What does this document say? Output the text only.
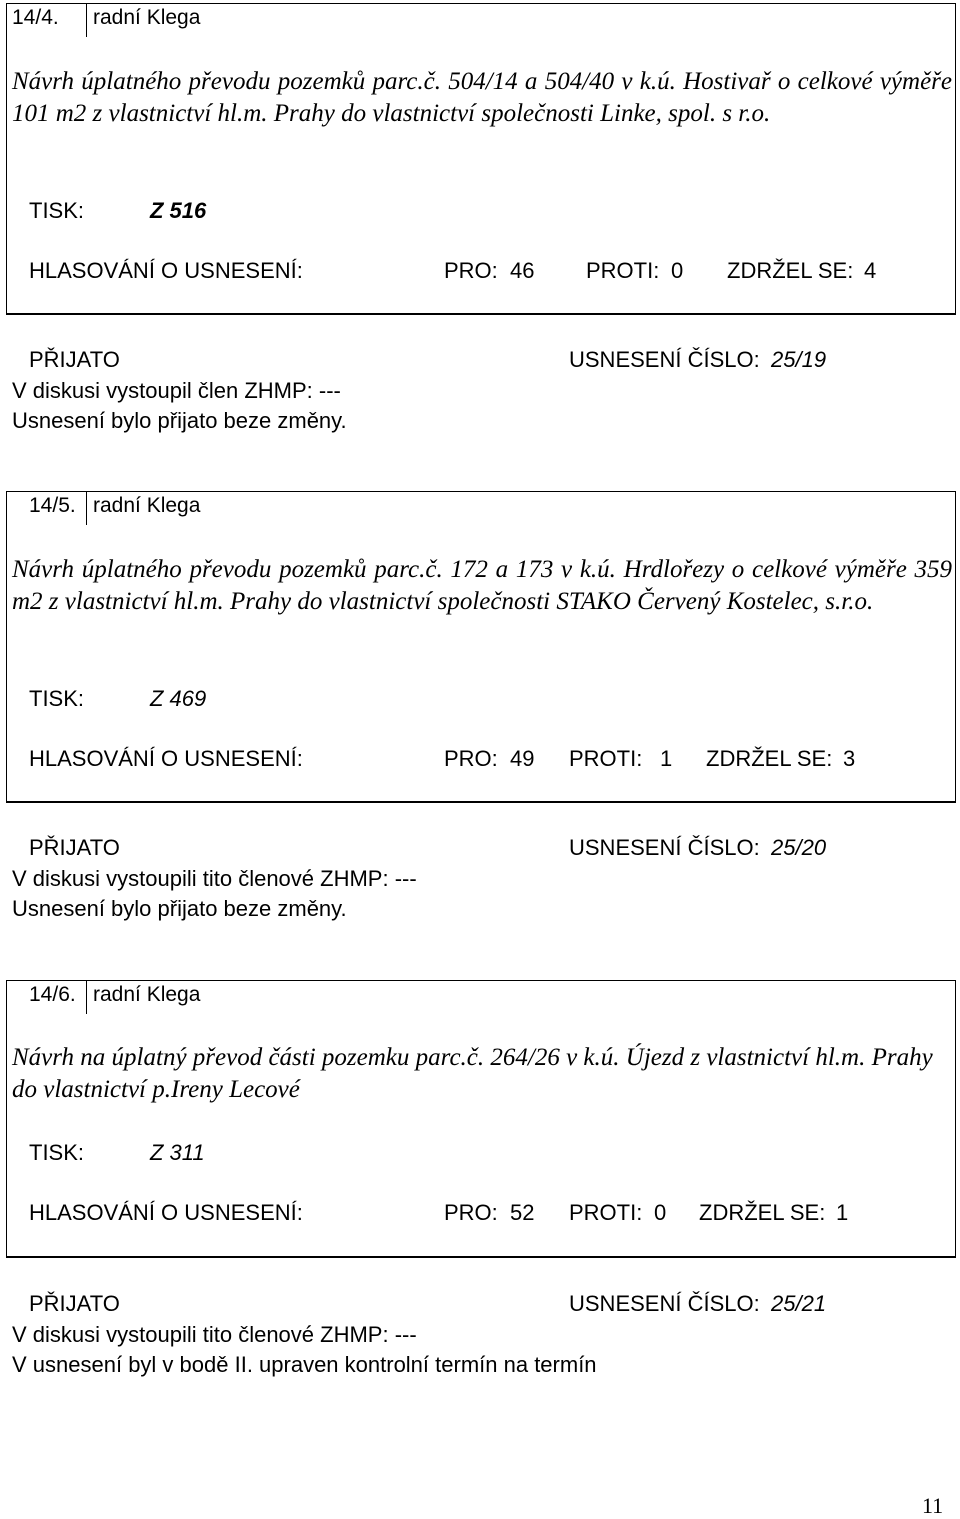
14/4. radní Klega
Návrh úplatného převodu pozemků parc.č. 504/14 a 504/40 v k.ú. Hostivař o celkové výměře 101 m2 z vlastnictví hl.m. Prahy do vlastnictví společnosti Linke, spol. s r.o.
TISK:	Z 516
HLASOVÁNÍ O USNESENÍ:	PRO: 46 PROTI: 0 ZDRŽEL SE: 4
PŘIJATO	USNESENÍ ČÍSLO: 25/19
V diskusi vystoupil člen ZHMP: ---
Usnesení bylo přijato beze změny.
14/5. radní Klega
Návrh úplatného převodu pozemků parc.č. 172 a 173 v k.ú. Hrdlořezy o celkové výměře 359 m2 z vlastnictví hl.m. Prahy do vlastnictví společnosti STAKO Červený Kostelec, s.r.o.
TISK:	Z 469
HLASOVÁNÍ O USNESENÍ:	PRO: 49 PROTI: 1 ZDRŽEL SE: 3
PŘIJATO	USNESENÍ ČÍSLO: 25/20
V diskusi vystoupili tito členové ZHMP: ---
Usnesení bylo přijato beze změny.
14/6. radní Klega
Návrh na úplatný převod části pozemku parc.č. 264/26 v k.ú. Újezd z vlastnictví hl.m. Prahy do vlastnictví p.Ireny Lecové
TISK:	Z 311
HLASOVÁNÍ O USNESENÍ:	PRO: 52 PROTI: 0 ZDRŽEL SE: 1
PŘIJATO	USNESENÍ ČÍSLO: 25/21
V diskusi vystoupili tito členové ZHMP: ---
V usnesení byl v bodě II. upraven kontrolní termín na termín
11
